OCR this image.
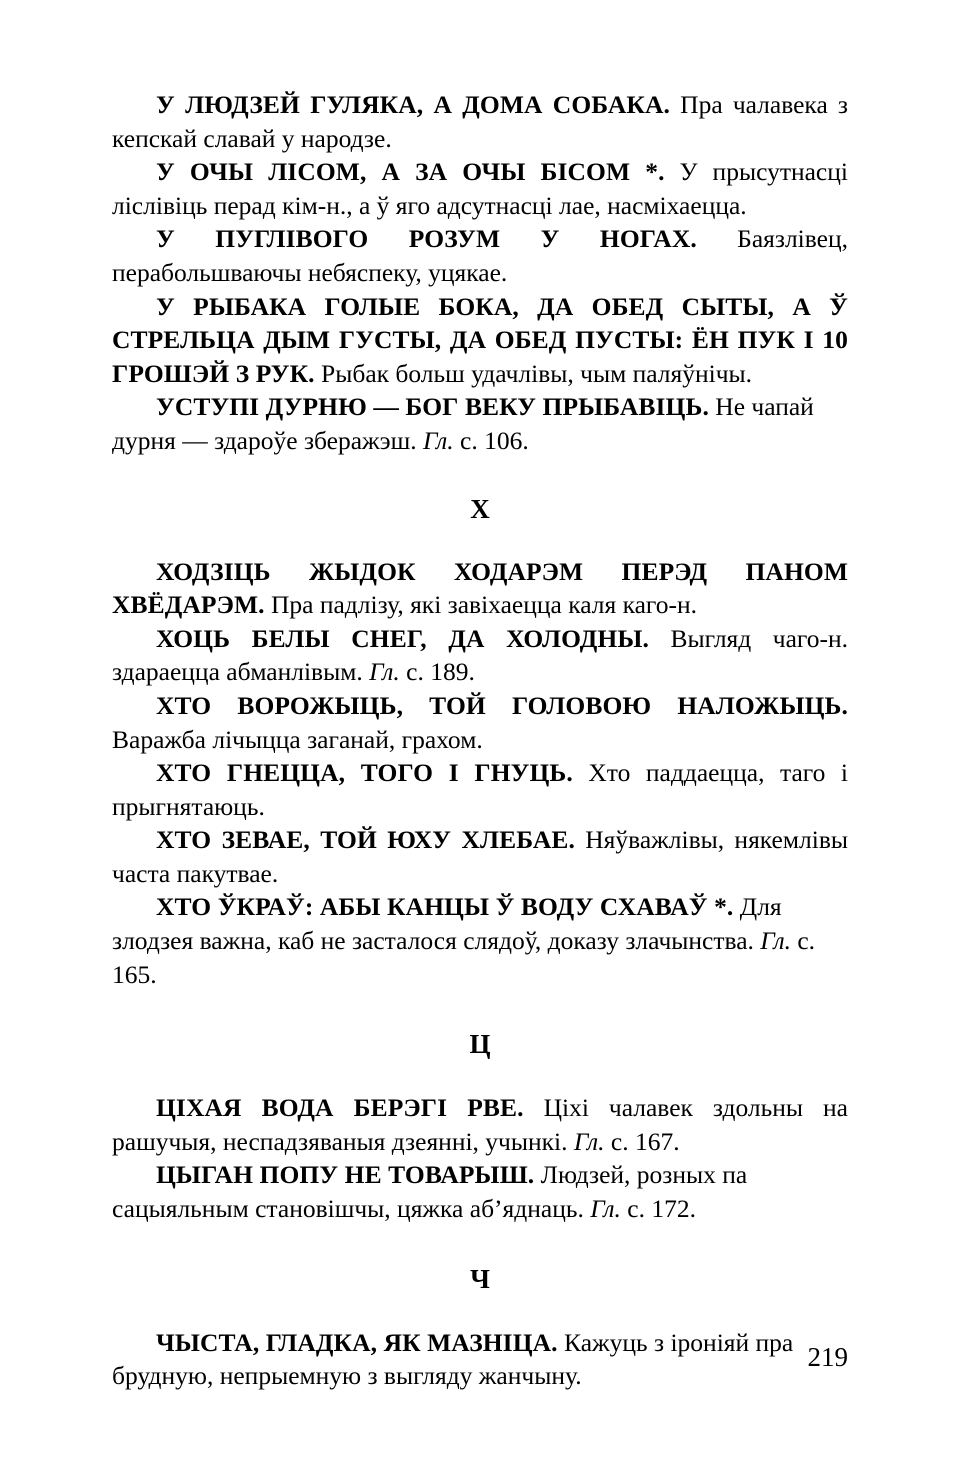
У ЛЮДЗЕЙ ГУЛЯКА, А ДОМА СОБАКА. Пра чалавека з кепскай славай у народзе.

У ОЧЫ ЛІСОМ, А ЗА ОЧЫ БІСОМ *. У прысутнасці ліслівіць перад кім-н., а ў яго адсутнасці лае, насміхаецца.

У ПУГЛІВОГО РОЗУМ У НОГАХ. Баязлівец, перабольшваючы небяспеку, уцякае.

У РЫБАКА ГОЛЫЕ БОКА, ДА ОБЕД СЫТЫ, А Ў СТРЕЛЬЦА ДЫМ ГУСТЫ, ДА ОБЕД ПУСТЫ: ЁН ПУК І 10 ГРОШЭЙ З РУК. Рыбак больш удачлівы, чым паляўнічы.

УСТУПІ ДУРНЮ — БОГ ВЕКУ ПРЫБАВІЦЬ. Не чапай дурня — здароўе зберажэш. Гл. с. 106.

Х

ХОДЗІЦЬ ЖЫДОК ХОДАРЭМ ПЕРЭД ПАНОМ ХВЁДАРЭМ. Пра падлізу, які завіхаецца каля каго-н.

ХОЦЬ БЕЛЫ СНЕГ, ДА ХОЛОДНЫ. Выгляд чаго-н. здараецца абманлівым. Гл. с. 189.

ХТО ВОРОЖЫЦЬ, ТОЙ ГОЛОВОЮ НАЛОЖЫЦЬ. Варажба лічыцца заганай, грахом.

ХТО ГНЕЦЦА, ТОГО І ГНУЦЬ. Хто паддаецца, таго і прыгнятаюць.

ХТО ЗЕВАЕ, ТОЙ ЮХУ ХЛЕБАЕ. Няўважлівы, някемлівы часта пакутвае.

ХТО ЎКРАЎ: АБЫ КАНЦЫ Ў ВОДУ СХАВАЎ *. Для злодзея важна, каб не засталося слядоў, доказу злачынства. Гл. с. 165.

Ц

ЦІХАЯ ВОДА БЕРЭГІ РВЕ. Ціхі чалавек здольны на рашучыя, неспадзяваныя дзеянні, учынкі. Гл. с. 167.

ЦЫГАН ПОПУ НЕ ТОВАРЫШ. Людзей, розных па сацыяльным становішчы, цяжка аб’яднаць. Гл. с. 172.

Ч

ЧЫСТА, ГЛАДКА, ЯК МАЗНІЦА. Кажуць з іроніяй пра брудную, непрыемную з выгляду жанчыну.

219
